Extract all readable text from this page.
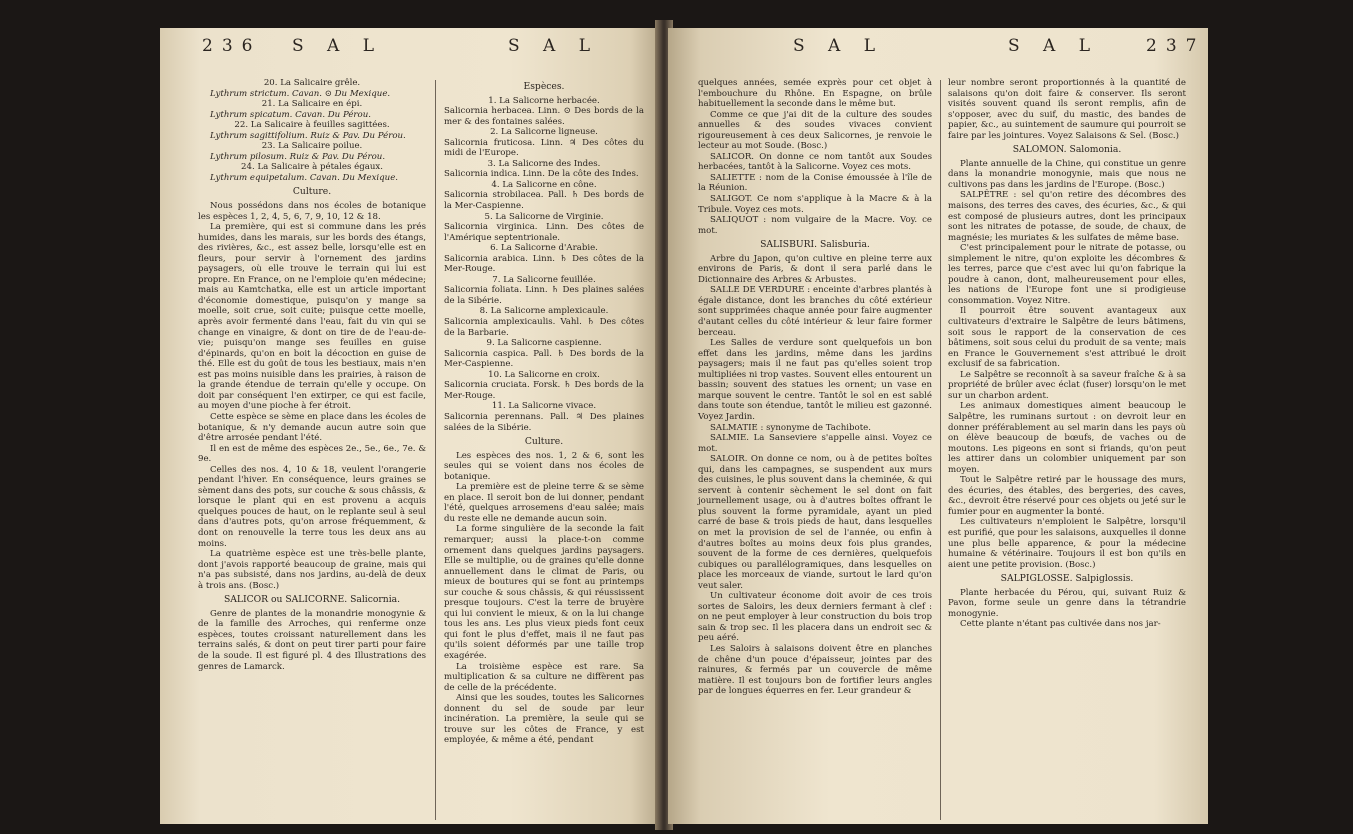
236 S A L	S A L

20. La Salicaire grêle.

Lythrum strictum. Cavan. ⊙ Du Mexique.

21. La Salicaire en épi.

Lythrum spicatum. Cavan. Du Pérou.

22. La Salicaire à feuilles sagittées.

Lythrum sagittifolium. Ruiz & Pav. Du Pérou.

23. La Salicaire poilue.

Lythrum pilosum. Ruiz & Pav. Du Pérou.

24. La Salicaire à pétales égaux.

Lythrum equipetalum. Cavan. Du Mexique.

Culture.

Nous possédons dans nos écoles de botanique les espèces 1, 2, 4, 5, 6, 7, 9, 10, 12 & 18.

La première, qui est si commune dans les prés humides, dans les marais, sur les bords des étangs, des rivières, &c., est assez belle, lorsqu'elle est en fleurs, pour servir à l'ornement des jardins paysagers, où elle trouve le terrain qui lui est propre. En France, on ne l'emploie qu'en médecine; mais au Kamtchatka, elle est un article important d'économie domestique, puisqu'on y mange sa moelle, soit crue, soit cuite; puisque cette moelle, après avoir fermenté dans l'eau, fait du vin qui se change en vinaigre, & dont on tire de de l'eau-de-vie; puisqu'on mange ses feuilles en guise d'épinards, qu'on en boit la décoction en guise de thé. Elle est du goût de tous les bestiaux, mais n'en est pas moins nuisible dans les prairies, à raison de la grande étendue de terrain qu'elle y occupe. On doit par conséquent l'en extirper, ce qui est facile, au moyen d'une pioche à fer étroit.

Cette espèce se sème en place dans les écoles de botanique, & n'y demande aucun autre soin que d'être arrosée pendant l'été.

Il en est de même des espèces 2e., 5e., 6e., 7e. & 9e.

Celles des nos. 4, 10 & 18, veulent l'orangerie pendant l'hiver. En conséquence, leurs graines se sèment dans des pots, sur couche & sous châssis, & lorsque le plant qui en est provenu a acquis quelques pouces de haut, on le replante seul à seul dans d'autres pots, qu'on arrose fréquemment, & dont on renouvelle la terre tous les deux ans au moins.

La quatrième espèce est une très-belle plante, dont j'avois rapporté beaucoup de graine, mais qui n'a pas subsisté, dans nos jardins, au-delà de deux à trois ans. (Bosc.)

SALICOR ou SALICORNE. Salicornia.

Genre de plantes de la monandrie monogynie & de la famille des Arroches, qui renferme onze espèces, toutes croissant naturellement dans les terrains salés, & dont on peut tirer parti pour faire de la soude. Il est figuré pl. 4 des Illustrations des genres de Lamarck.

Espèces.

1. La Salicorne herbacée.

Salicornia herbacea. Linn. ⊙ Des bords de la mer & des fontaines salées.

2. La Salicorne ligneuse.

Salicornia fruticosa. Linn. ♃ Des côtes du midi de l'Europe.

3. La Salicorne des Indes.

Salicornia indica. Linn. De la côte des Indes.

4. La Salicorne en cône.

Salicornia strobilacea. Pall. ♄ Des bords de la Mer-Caspienne.

5. La Salicorne de Virginie.

Salicornia virginica. Linn. Des côtes de l'Amérique septentrionale.

6. La Salicorne d'Arabie.

Salicornia arabica. Linn. ♄ Des côtes de la Mer-Rouge.

7. La Salicorne feuillée.

Salicornia foliata. Linn. ♄ Des plaines salées de la Sibérie.

8. La Salicorne amplexicaule.

Salicornia amplexicaulis. Vahl. ♄ Des côtes de la Barbarie.

9. La Salicorne caspienne.

Salicornia caspica. Pall. ♄ Des bords de la Mer-Caspienne.

10. La Salicorne en croix.

Salicornia cruciata. Forsk. ♄ Des bords de la Mer-Rouge.

11. La Salicorne vivace.

Salicornia perennans. Pall. ♃ Des plaines salées de la Sibérie.

Culture.

Les espèces des nos. 1, 2 & 6, sont les seules qui se voient dans nos écoles de botanique.

La première est de pleine terre & se sème en place. Il seroit bon de lui donner, pendant l'été, quelques arrosemens d'eau salée; mais du reste elle ne demande aucun soin.

La forme singulière de la seconde la fait remarquer; aussi la place-t-on comme ornement dans quelques jardins paysagers. Elle se multiplie, ou de graines qu'elle donne annuellement dans le climat de Paris, ou mieux de boutures qui se font au printemps sur couche & sous châssis, & qui réussissent presque toujours. C'est la terre de bruyère qui lui convient le mieux, & on la lui change tous les ans. Les plus vieux pieds font ceux qui font le plus d'effet, mais il ne faut pas qu'ils soient déformés par une taille trop exagérée.

La troisième espèce est rare. Sa multiplication & sa culture ne diffèrent pas de celle de la précédente.

Ainsi que les soudes, toutes les Salicornes donnent du sel de soude par leur incinération. La première, la seule qui se trouve sur les côtes de France, y est employée, & même a été, pendant

S A L	S A L	237

quelques années, semée exprès pour cet objet à l'embouchure du Rhône. En Espagne, on brûle habituellement la seconde dans le même but.

Comme ce que j'ai dit de la culture des soudes annuelles & des soudes vivaces convient rigoureusement à ces deux Salicornes, je renvoie le lecteur au mot Soude. (Bosc.)

SALICOR. On donne ce nom tantôt aux Soudes herbacées, tantôt à la Salicorne. Voyez ces mots.

SALIETTE : nom de la Conise émoussée à l'île de la Réunion.

SALIGOT. Ce nom s'applique à la Macre & à la Tribule. Voyez ces mots.

SALIQUOT : nom vulgaire de la Macre. Voy. ce mot.

SALISBURI. Salisburia.

Arbre du Japon, qu'on cultive en pleine terre aux environs de Paris, & dont il sera parlé dans le Dictionnaire des Arbres & Arbustes.

SALLE DE VERDURE : enceinte d'arbres plantés à égale distance, dont les branches du côté extérieur sont supprimées chaque année pour faire augmenter d'autant celles du côté intérieur & leur faire former berceau.

Les Salles de verdure sont quelquefois un bon effet dans les jardins, même dans les jardins paysagers; mais il ne faut pas qu'elles soient trop multipliées ni trop vastes. Souvent elles entourent un bassin; souvent des statues les ornent; un vase en marque souvent le centre. Tantôt le sol en est sablé dans toute son étendue, tantôt le milieu est gazonné. Voyez Jardin.

SALMATIE : synonyme de Tachibote.

SALMIE. La Sanseviere s'appelle ainsi. Voyez ce mot.

SALOIR. On donne ce nom, ou à de petites boîtes qui, dans les campagnes, se suspendent aux murs des cuisines, le plus souvent dans la cheminée, & qui servent à contenir sèchement le sel dont on fait journellement usage, ou à d'autres boîtes offrant le plus souvent la forme pyramidale, ayant un pied carré de base & trois pieds de haut, dans lesquelles on met la provision de sel de l'année, ou enfin à d'autres boîtes au moins deux fois plus grandes, souvent de la forme de ces dernières, quelquefois cubiques ou parallélogramiques, dans lesquelles on place les morceaux de viande, surtout le lard qu'on veut saler.

Un cultivateur économe doit avoir de ces trois sortes de Saloirs, les deux derniers fermant à clef : on ne peut employer à leur construction du bois trop sain & trop sec. Il les placera dans un endroit sec & peu aéré.

Les Saloirs à salaisons doivent être en planches de chêne d'un pouce d'épaisseur, jointes par des rainures, & fermés par un couvercle de même matière. Il est toujours bon de fortifier leurs angles par de longues équerres en fer. Leur grandeur &

leur nombre seront proportionnés à la quantité de salaisons qu'on doit faire & conserver. Ils seront visités souvent quand ils seront remplis, afin de s'opposer, avec du suif, du mastic, des bandes de papier, &c., au suintement de saumure qui pourroit se faire par les jointures. Voyez Salaisons & Sel. (Bosc.)

SALOMON. Salomonia.

Plante annuelle de la Chine, qui constitue un genre dans la monandrie monogynie, mais que nous ne cultivons pas dans les jardins de l'Europe. (Bosc.)

SALPÊTRE : sel qu'on retire des décombres des maisons, des terres des caves, des écuries, &c., & qui est composé de plusieurs autres, dont les principaux sont les nitrates de potasse, de soude, de chaux, de magnésie; les muriates & les sulfates de même base.

C'est principalement pour le nitrate de potasse, ou simplement le nitre, qu'on exploite les décombres & les terres, parce que c'est avec lui qu'on fabrique la poudre à canon, dont, malheureusement pour elles, les nations de l'Europe font une si prodigieuse consommation. Voyez Nitre.

Il pourroit être souvent avantageux aux cultivateurs d'extraire le Salpêtre de leurs bâtimens, soit sous le rapport de la conservation de ces bâtimens, soit sous celui du produit de sa vente; mais en France le Gouvernement s'est attribué le droit exclusif de sa fabrication.

Le Salpêtre se reconnoît à sa saveur fraîche & à sa propriété de brûler avec éclat (fuser) lorsqu'on le met sur un charbon ardent.

Les animaux domestiques aiment beaucoup le Salpêtre, les ruminans surtout : on devroit leur en donner préférablement au sel marin dans les pays où on élève beaucoup de bœufs, de vaches ou de moutons. Les pigeons en sont si friands, qu'on peut les attirer dans un colombier uniquement par son moyen.

Tout le Salpêtre retiré par le houssage des murs, des écuries, des étables, des bergeries, des caves, &c., devroit être réservé pour ces objets ou jeté sur le fumier pour en augmenter la bonté.

Les cultivateurs n'emploient le Salpêtre, lorsqu'il est purifié, que pour les salaisons, auxquelles il donne une plus belle apparence, & pour la médecine humaine & vétérinaire. Toujours il est bon qu'ils en aient une petite provision. (Bosc.)

SALPIGLOSSE. Salpiglossis.

Plante herbacée du Pérou, qui, suivant Ruiz & Pavon, forme seule un genre dans la tétrandrie monogynie.

Cette plante n'étant pas cultivée dans nos jar-
